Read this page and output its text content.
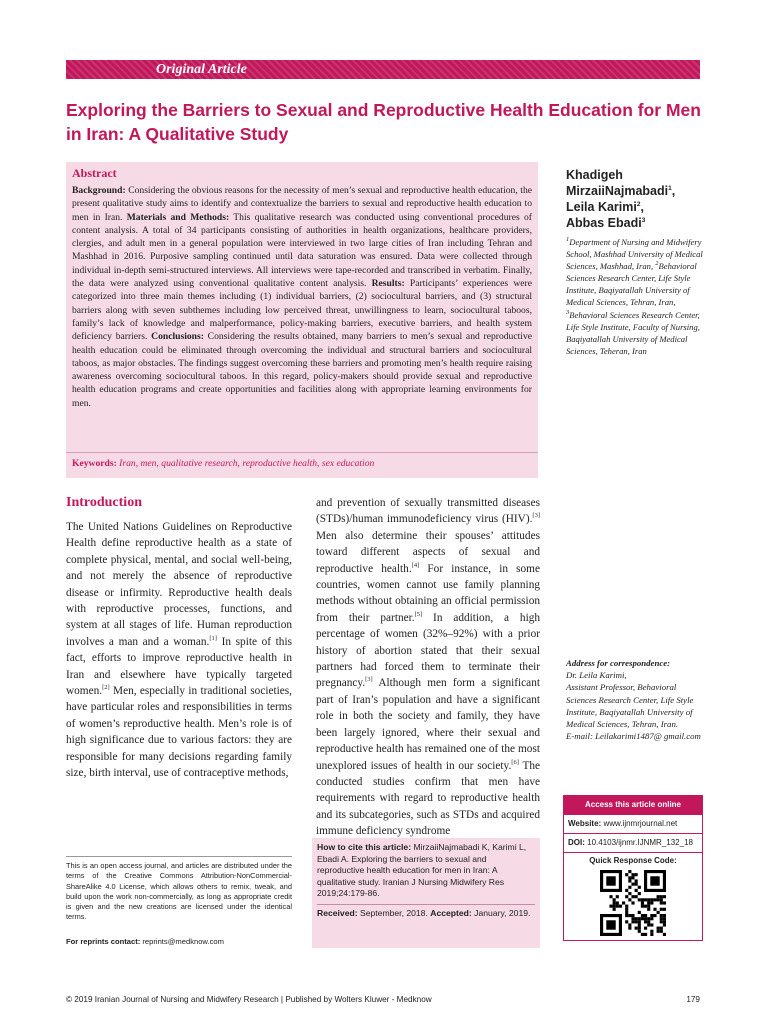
Original Article
Exploring the Barriers to Sexual and Reproductive Health Education for Men in Iran: A Qualitative Study
Abstract

Background: Considering the obvious reasons for the necessity of men’s sexual and reproductive health education, the present qualitative study aims to identify and contextualize the barriers to sexual and reproductive health education to men in Iran. Materials and Methods: This qualitative research was conducted using conventional procedures of content analysis. A total of 34 participants consisting of authorities in health organizations, healthcare providers, clergies, and adult men in a general population were interviewed in two large cities of Iran including Tehran and Mashhad in 2016. Purposive sampling continued until data saturation was ensured. Data were collected through individual in-depth semi-structured interviews. All interviews were tape-recorded and transcribed in verbatim. Finally, the data were analyzed using conventional qualitative content analysis. Results: Participants’ experiences were categorized into three main themes including (1) individual barriers, (2) sociocultural barriers, and (3) structural barriers along with seven subthemes including low perceived threat, unwillingness to learn, sociocultural taboos, family’s lack of knowledge and malperformance, policy-making barriers, executive barriers, and health system deficiency barriers. Conclusions: Considering the results obtained, many barriers to men’s sexual and reproductive health education could be eliminated through overcoming the individual and structural barriers and sociocultural taboos, as major obstacles. The findings suggest overcoming these barriers and promoting men’s health require raising awareness overcoming sociocultural taboos. In this regard, policy-makers should provide sexual and reproductive health education programs and create opportunities and facilities along with appropriate learning environments for men.

Keywords: Iran, men, qualitative research, reproductive health, sex education
Khadigeh MirzaiiNajmabadi$^1$,
Leila Karimi$^2$,
Abbas Ebadi$^3$
$^1$Department of Nursing and Midwifery School, Mashhad University of Medical Sciences, Mashhad, Iran, $^2$Behavioral Sciences Research Center, Life Style Institute, Baqiyatallah University of Medical Sciences, Tehran, Iran, $^3$Behavioral Sciences Research Center, Life Style Institute, Faculty of Nursing, Baqiyatallah University of Medical Sciences, Teheran, Iran
Introduction
The United Nations Guidelines on Reproductive Health define reproductive health as a state of complete physical, mental, and social well-being, and not merely the absence of reproductive disease or infirmity. Reproductive health deals with reproductive processes, functions, and system at all stages of life. Human reproduction involves a man and a woman.[1] In spite of this fact, efforts to improve reproductive health in Iran and elsewhere have typically targeted women.[2] Men, especially in traditional societies, have particular roles and responsibilities in terms of women’s reproductive health. Men’s role is of high significance due to various factors: they are responsible for many decisions regarding family size, birth interval, use of contraceptive methods,
and prevention of sexually transmitted diseases (STDs)/human immunodeficiency virus (HIV).[3] Men also determine their spouses’ attitudes toward different aspects of sexual and reproductive health.[4] For instance, in some countries, women cannot use family planning methods without obtaining an official permission from their partner.[5] In addition, a high percentage of women (32%–92%) with a prior history of abortion stated that their sexual partners had forced them to terminate their pregnancy.[3] Although men form a significant part of Iran’s population and have a significant role in both the society and family, they have been largely ignored, where their sexual and reproductive health has remained one of the most unexplored issues of health in our society.[6] The conducted studies confirm that men have requirements with regard to reproductive health and its subcategories, such as STDs and acquired immune deficiency syndrome
This is an open access journal, and articles are distributed under the terms of the Creative Commons Attribution-NonCommercial-ShareAlike 4.0 License, which allows others to remix, tweak, and build upon the work non-commercially, as long as appropriate credit is given and the new creations are licensed under the identical terms.
For reprints contact: reprints@medknow.com
How to cite this article: MirzaiiNajmabadi K, Karimi L, Ebadi A. Exploring the barriers to sexual and reproductive health education for men in Iran: A qualitative study. Iranian J Nursing Midwifery Res 2019;24:179-86.
Received: September, 2018. Accepted: January, 2019.
Address for correspondence:
Dr. Leila Karimi,
Assistant Professor, Behavioral Sciences Research Center, Life Style Institute, Baqiyatallah University of Medical Sciences, Tehran, Iran.
E-mail: Leilakarimi1487@ gmail.com
Access this article online
Website: www.ijnmrjournal.net
DOI: 10.4103/ijnmr.IJNMR_132_18
Quick Response Code:
© 2019 Iranian Journal of Nursing and Midwifery Research | Published by Wolters Kluwer - Medknow	179
